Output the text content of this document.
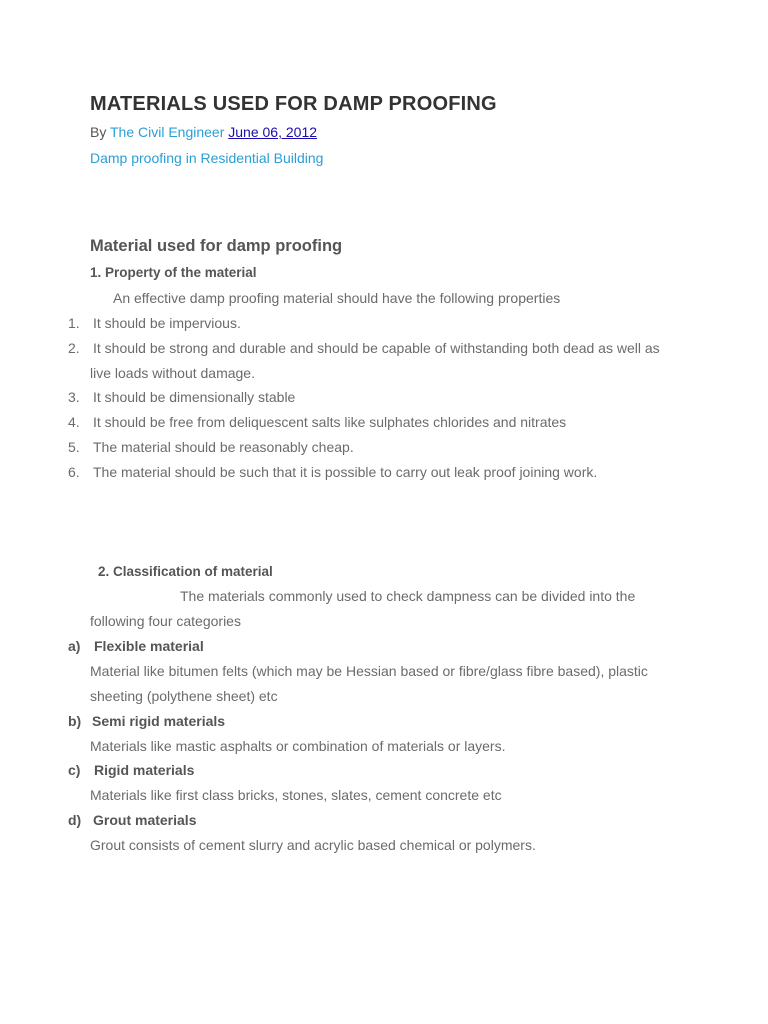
MATERIALS USED FOR DAMP PROOFING
By The Civil Engineer June 06, 2012
Damp proofing in Residential Building
Material used for damp proofing
1. Property of the material
An effective damp proofing material should have the following properties
1. It should be impervious.
2. It should be strong and durable and should be capable of withstanding both dead as well as
live loads without damage.
3. It should be dimensionally stable
4. It should be free from deliquescent salts like sulphates chlorides and nitrates
5. The material should be reasonably cheap.
6. The material should be such that it is possible to carry out leak proof joining work.
2. Classification of material
The materials commonly used to check dampness can be divided into the
following four categories
a) Flexible material
Material like bitumen felts (which may be Hessian based or fibre/glass fibre based), plastic
sheeting (polythene sheet) etc
b) Semi rigid materials
Materials like mastic asphalts or combination of materials or layers.
c) Rigid materials
Materials like first class bricks, stones, slates, cement concrete etc
d) Grout materials
Grout consists of cement slurry and acrylic based chemical or polymers.
